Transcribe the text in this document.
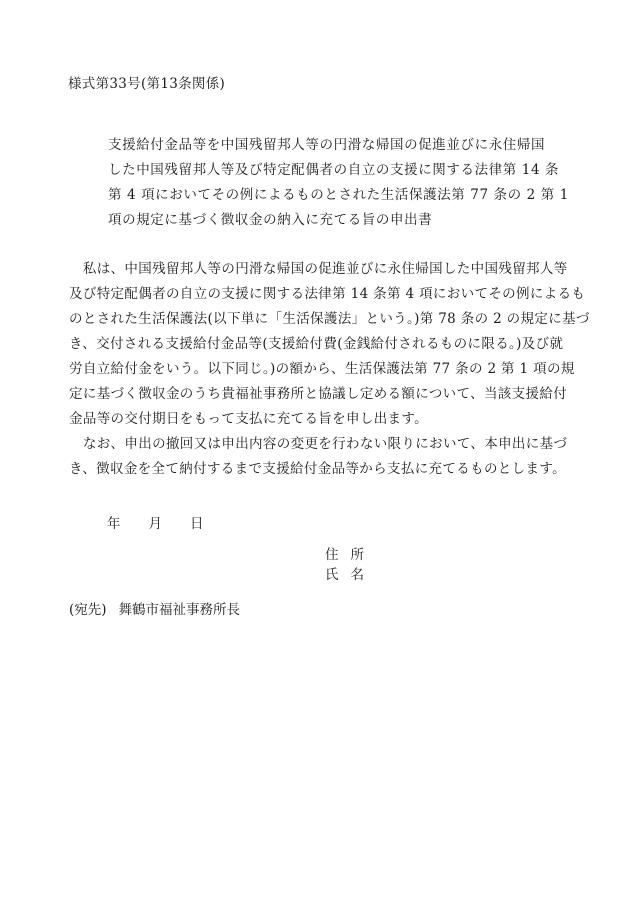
様式第33号(第13条関係)
支援給付金品等を中国残留邦人等の円滑な帰国の促進並びに永住帰国
した中国残留邦人等及び特定配偶者の自立の支援に関する法律第 14 条
第 4 項においてその例によるものとされた生活保護法第 77 条の 2 第 1
項の規定に基づく徴収金の納入に充てる旨の申出書
　私は、中国残留邦人等の円滑な帰国の促進並びに永住帰国した中国残留邦人等
及び特定配偶者の自立の支援に関する法律第 14 条第 4 項においてその例によるも
のとされた生活保護法(以下単に「生活保護法」という。)第 78 条の 2 の規定に基づ
き、交付される支援給付金品等(支援給付費(金銭給付されるものに限る。)及び就
労自立給付金をいう。以下同じ。)の額から、生活保護法第 77 条の 2 第 1 項の規
定に基づく徴収金のうち貴福祉事務所と協議し定める額について、当該支援給付
金品等の交付期日をもって支払に充てる旨を申し出ます。
　なお、申出の撤回又は申出内容の変更を行わない限りにおいて、本申出に基づ
き、徴収金を全て納付するまで支援給付金品等から支払に充てるものとします。
年 月 日
住所
氏名
(宛先) 舞鶴市福祉事務所長
